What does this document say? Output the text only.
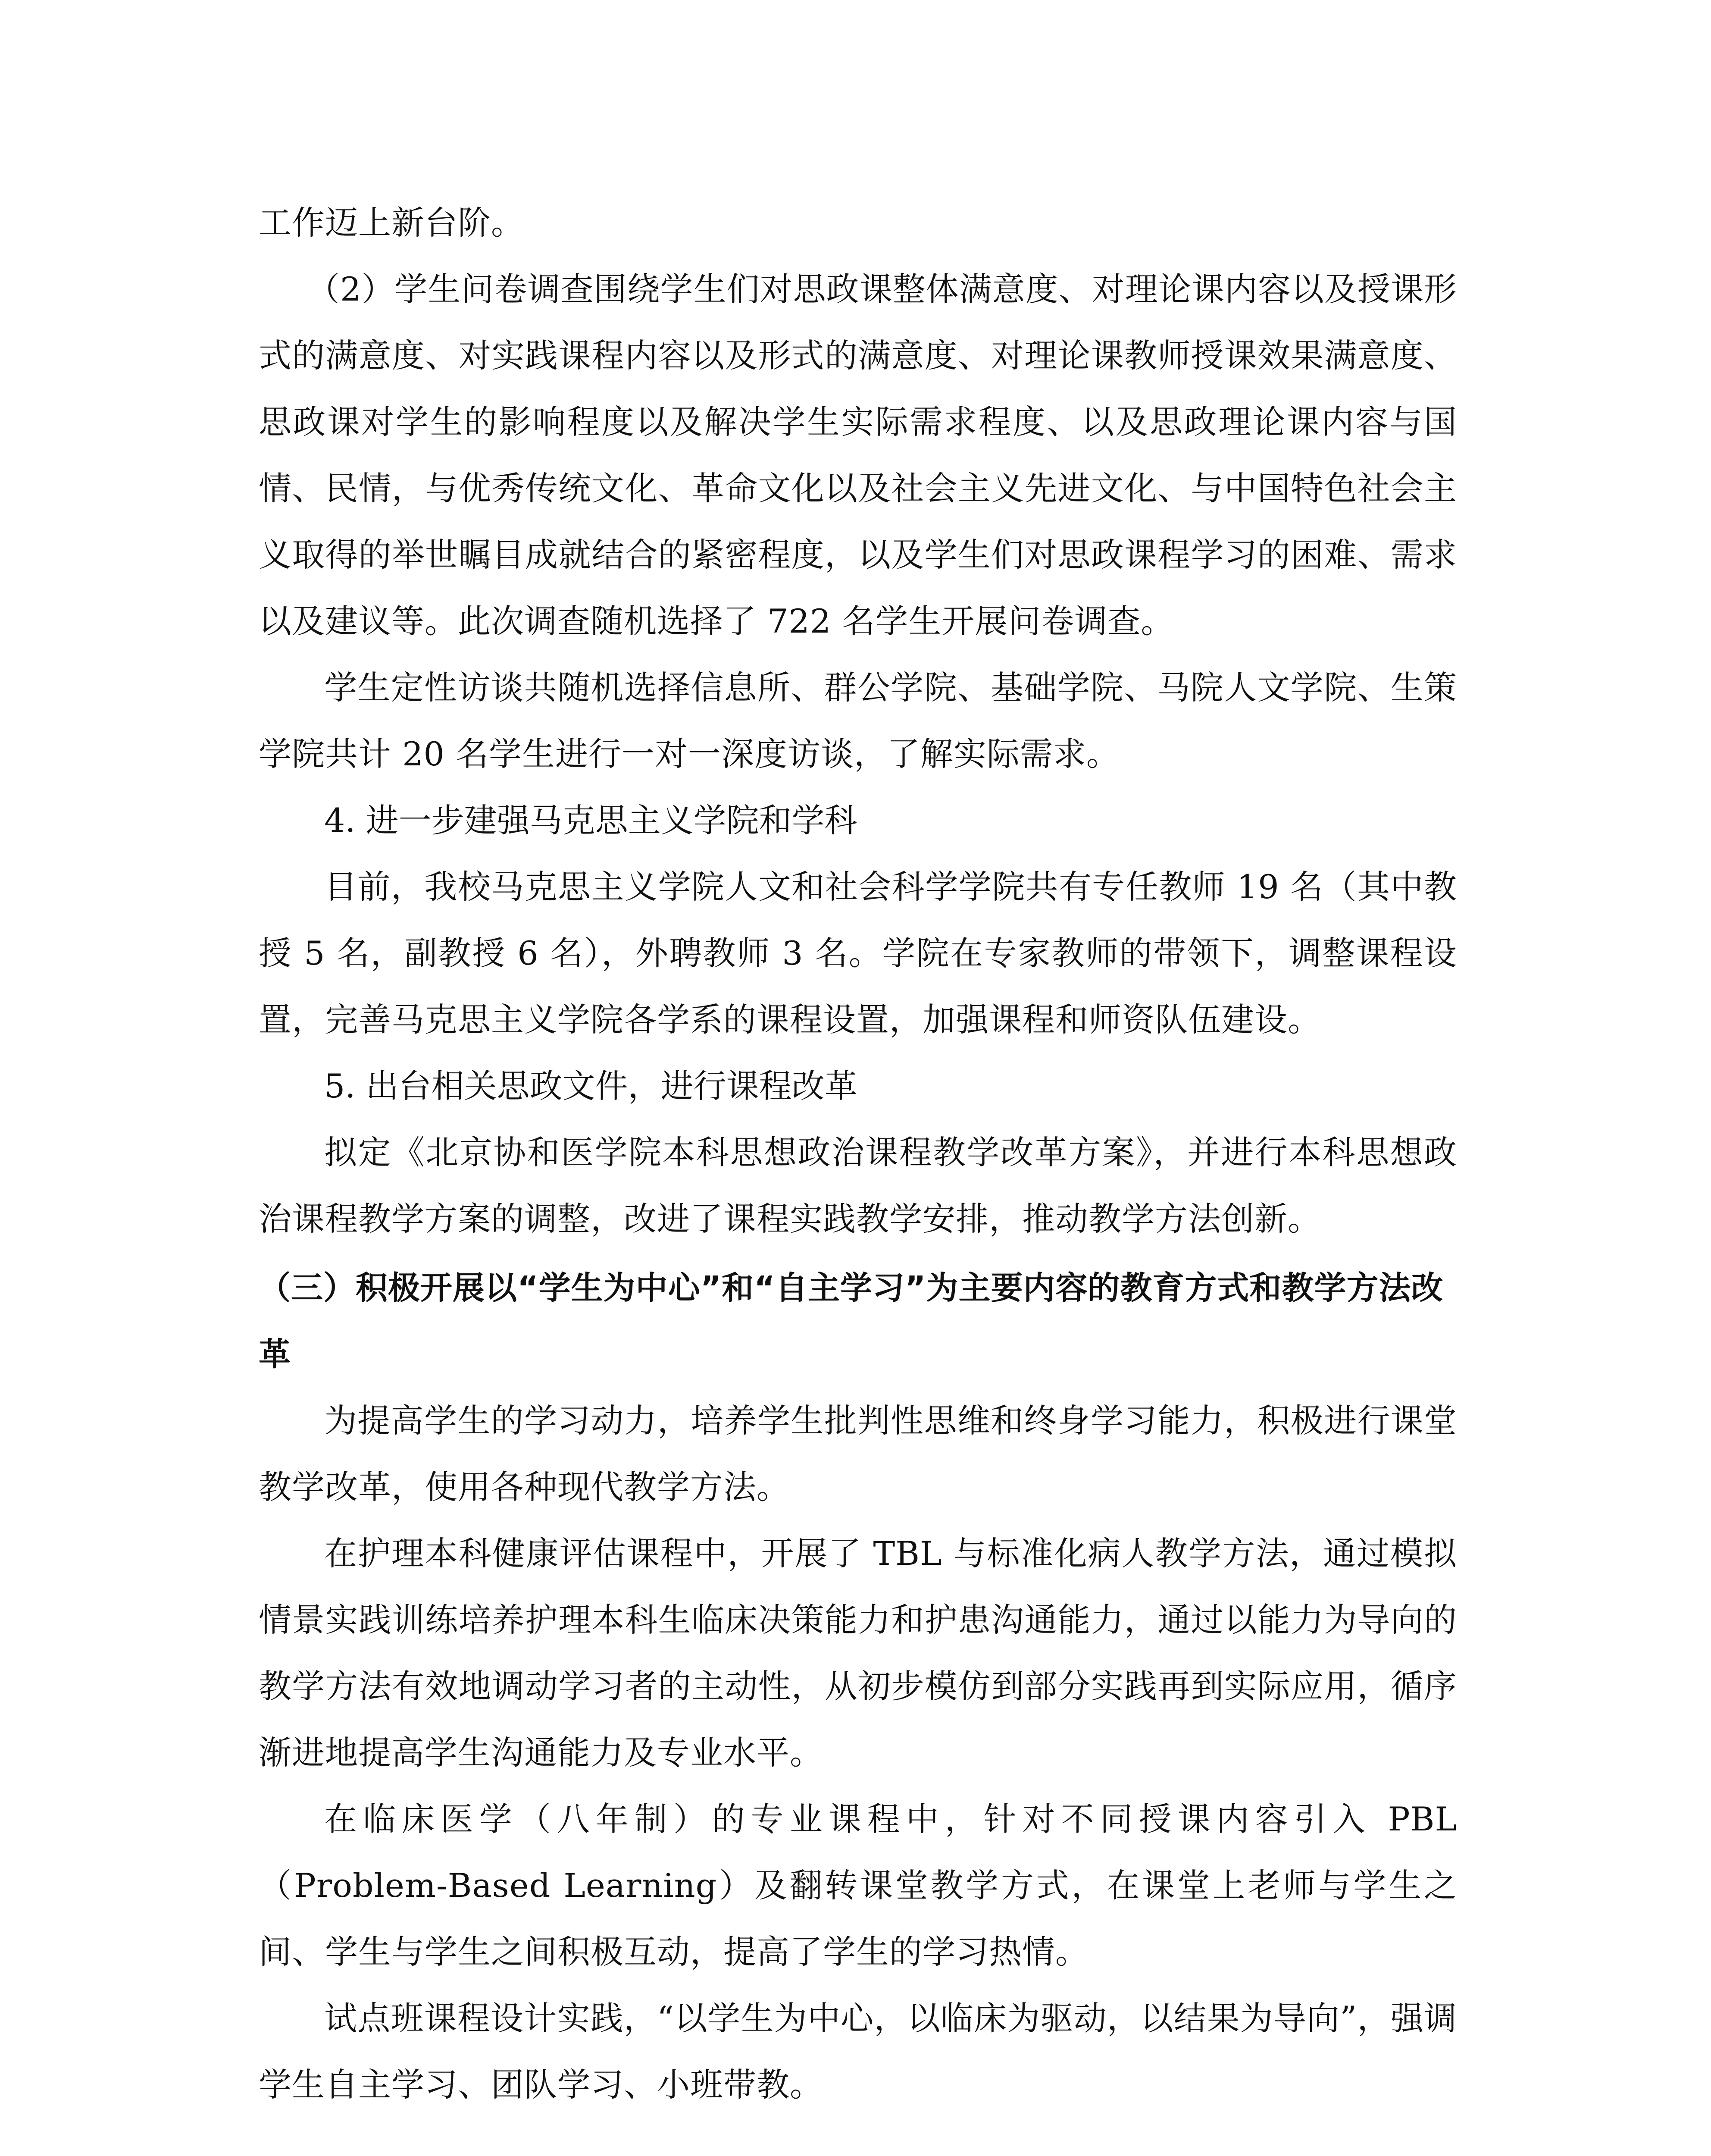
工作迈上新台阶。

（2）学生问卷调查围绕学生们对思政课整体满意度、对理论课内容以及授课形式的满意度、对实践课程内容以及形式的满意度、对理论课教师授课效果满意度、思政课对学生的影响程度以及解决学生实际需求程度、以及思政理论课内容与国情、民情，与优秀传统文化、革命文化以及社会主义先进文化、与中国特色社会主义取得的举世瞩目成就结合的紧密程度，以及学生们对思政课程学习的困难、需求以及建议等。此次调查随机选择了 722 名学生开展问卷调查。

学生定性访谈共随机选择信息所、群公学院、基础学院、马院人文学院、生策学院共计 20 名学生进行一对一深度访谈，了解实际需求。

4. 进一步建强马克思主义学院和学科

目前，我校马克思主义学院人文和社会科学学院共有专任教师 19 名（其中教授 5 名，副教授 6 名），外聘教师 3 名。学院在专家教师的带领下，调整课程设置，完善马克思主义学院各学系的课程设置，加强课程和师资队伍建设。

5. 出台相关思政文件，进行课程改革

拟定《北京协和医学院本科思想政治课程教学改革方案》，并进行本科思想政治课程教学方案的调整，改进了课程实践教学安排，推动教学方法创新。

（三）积极开展以“学生为中心”和“自主学习”为主要内容的教育方式和教学方法改革

为提高学生的学习动力，培养学生批判性思维和终身学习能力，积极进行课堂教学改革，使用各种现代教学方法。

在护理本科健康评估课程中，开展了 TBL 与标准化病人教学方法，通过模拟情景实践训练培养护理本科生临床决策能力和护患沟通能力，通过以能力为导向的教学方法有效地调动学习者的主动性，从初步模仿到部分实践再到实际应用，循序渐进地提高学生沟通能力及专业水平。

在临床医学（八年制）的专业课程中，针对不同授课内容引入 PBL（Problem-Based Learning）及翻转课堂教学方式，在课堂上老师与学生之间、学生与学生之间积极互动，提高了学生的学习热情。

试点班课程设计实践，“以学生为中心，以临床为驱动，以结果为导向”，强调学生自主学习、团队学习、小班带教。
